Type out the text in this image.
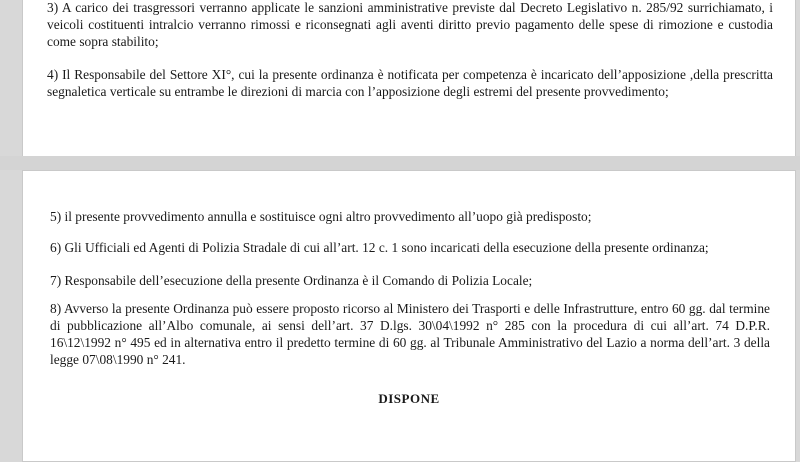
3) A carico dei trasgressori verranno applicate le sanzioni amministrative previste dal Decreto Legislativo n. 285/92 surrichiamato, i veicoli costituenti intralcio verranno rimossi e riconsegnati agli aventi diritto previo pagamento delle spese di rimozione e custodia come sopra stabilito;

4) Il Responsabile del Settore XI°, cui la presente ordinanza è notificata per competenza è incaricato dell’apposizione ,della prescritta segnaletica verticale su entrambe le direzioni di marcia con l’apposizione degli estremi del presente provvedimento;

5) il presente provvedimento annulla e sostituisce ogni altro provvedimento all’uopo già predisposto;

6) Gli Ufficiali ed Agenti di Polizia Stradale di cui all’art. 12 c. 1 sono incaricati della esecuzione della presente ordinanza;

7) Responsabile dell’esecuzione della presente Ordinanza è il Comando di Polizia Locale;

8) Avverso la presente Ordinanza può essere proposto ricorso al Ministero dei Trasporti e delle Infrastrutture, entro 60 gg. dal termine di pubblicazione all’Albo comunale, ai sensi dell’art. 37 D.lgs. 30\04\1992 n° 285 con la procedura di cui all’art. 74 D.P.R. 16\12\1992 n° 495 ed in alternativa entro il predetto termine di 60 gg. al Tribunale Amministrativo del Lazio a norma dell’art. 3 della legge 07\08\1990 n° 241.

DISPONE
